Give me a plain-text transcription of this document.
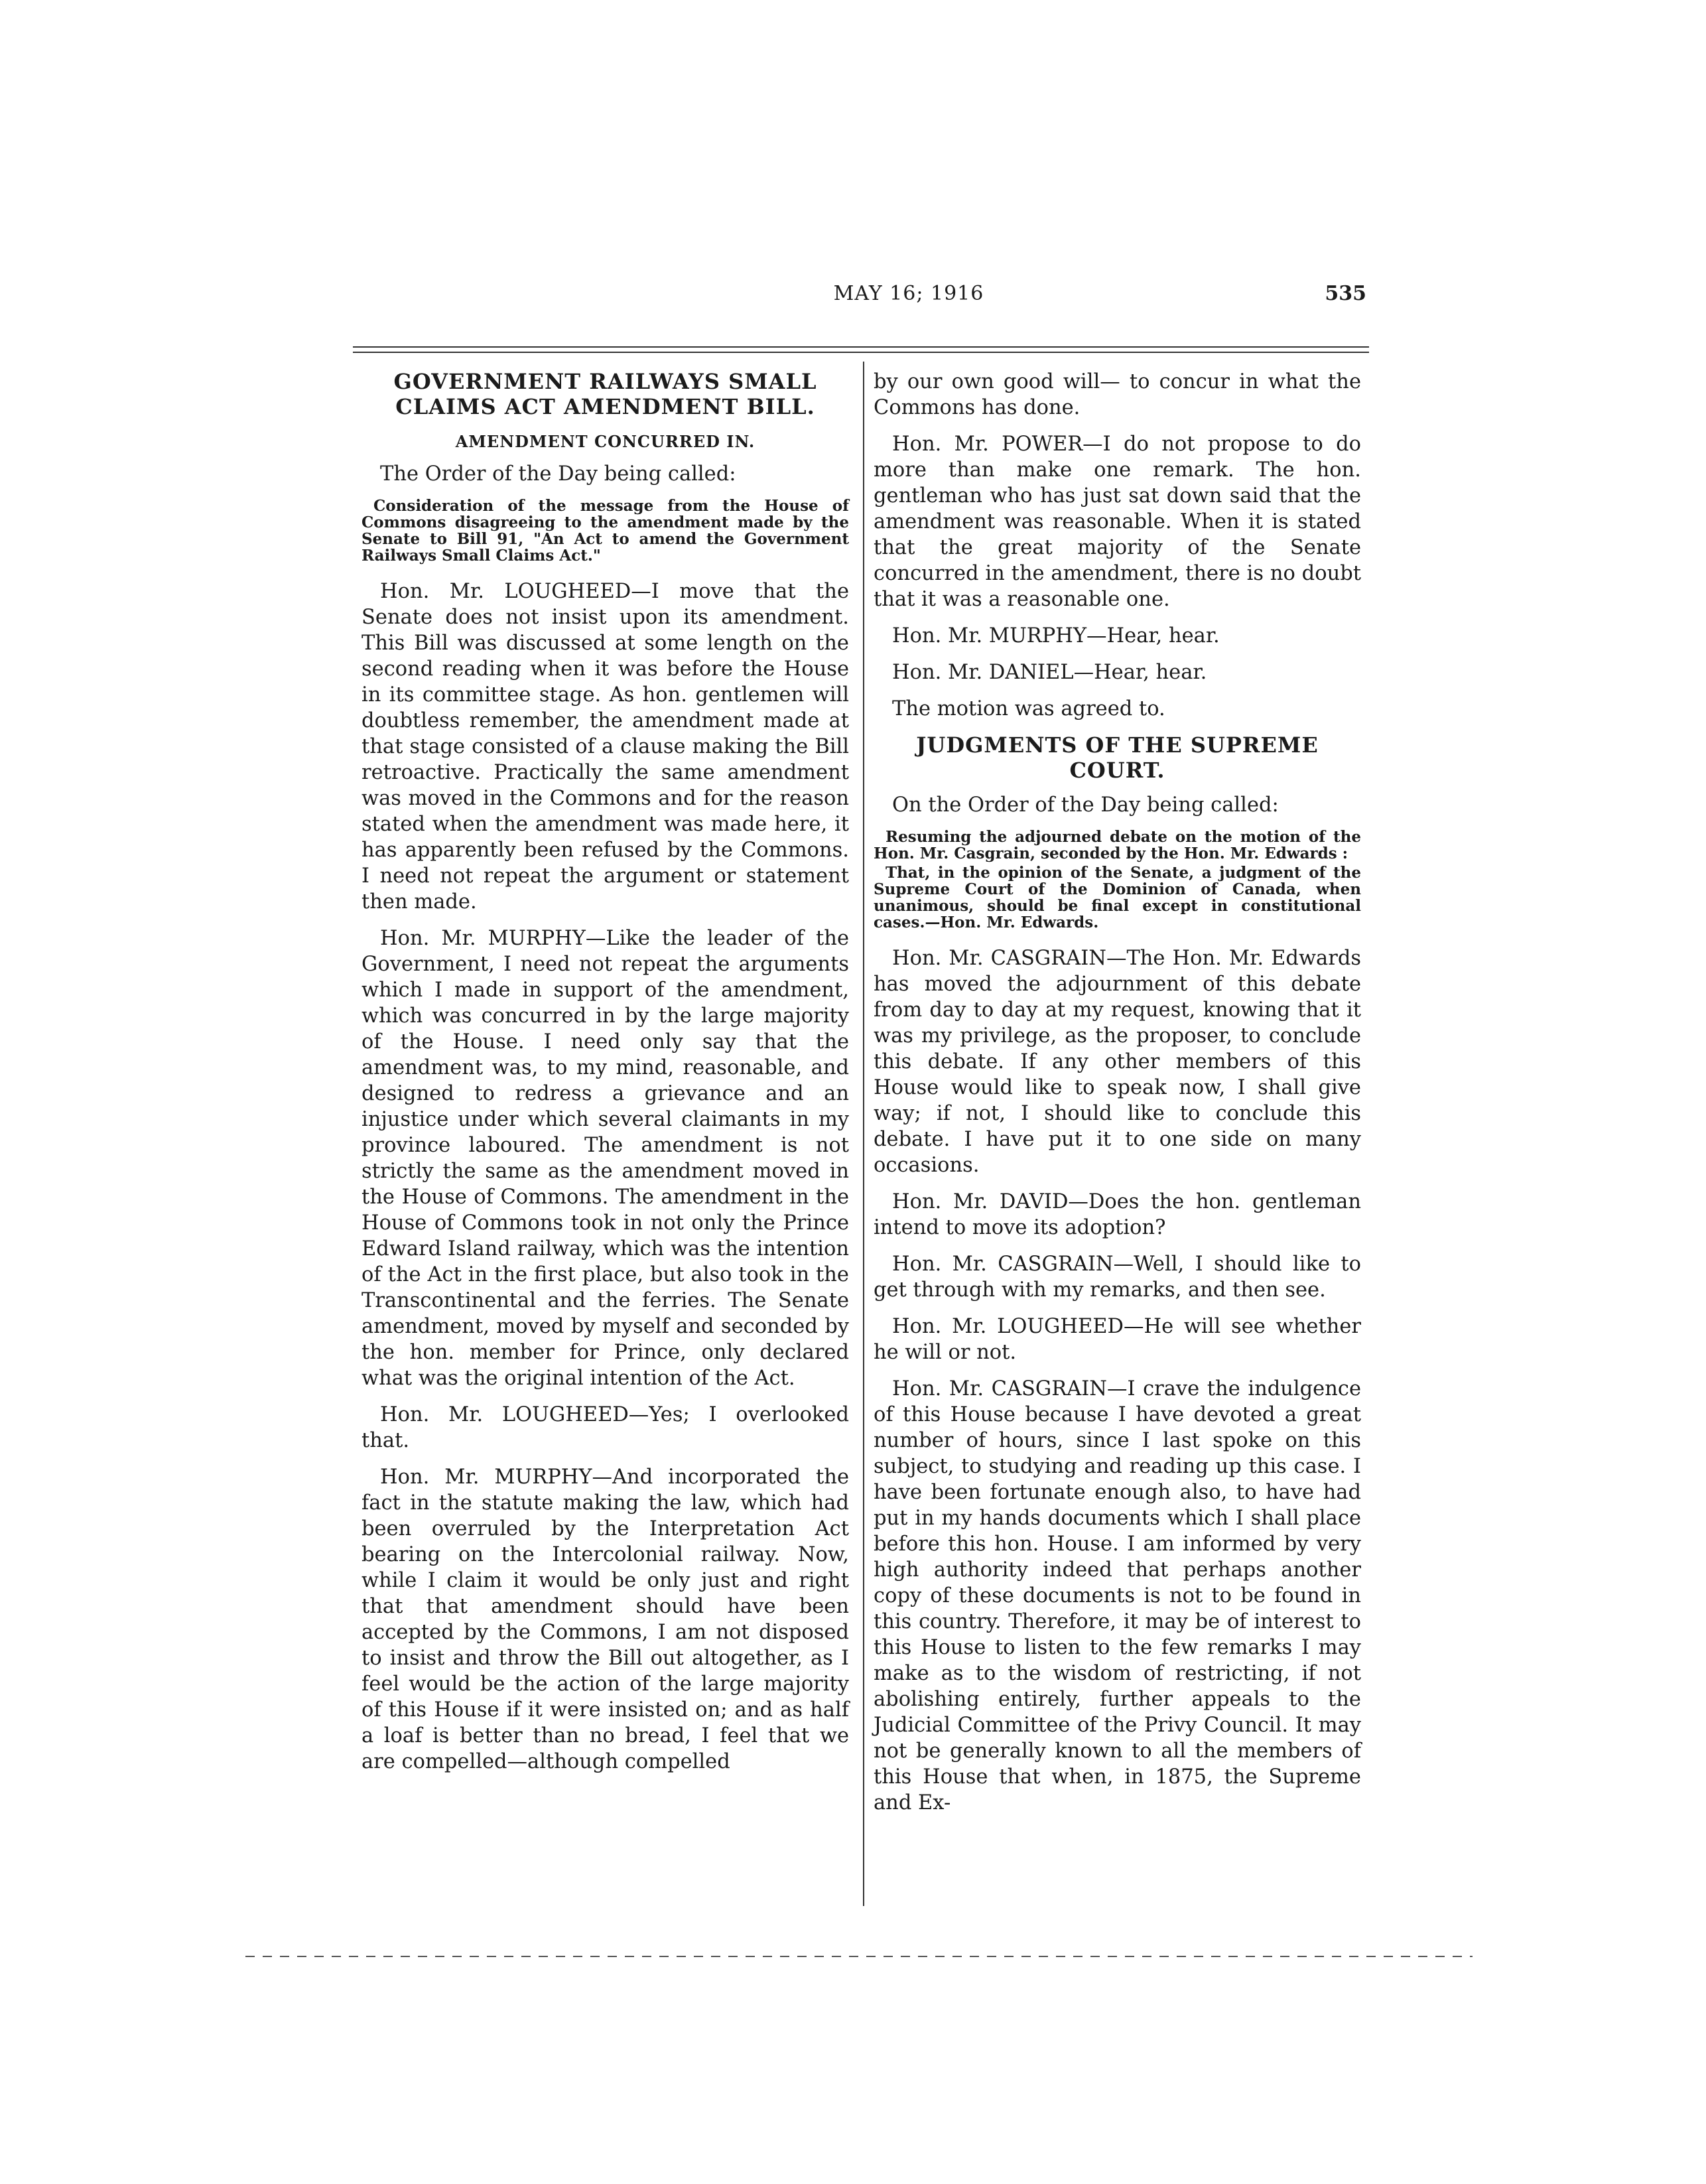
MAY 16; 1916	535
GOVERNMENT RAILWAYS SMALL CLAIMS ACT AMENDMENT BILL.
AMENDMENT CONCURRED IN.

The Order of the Day being called:

Consideration of the message from the House of Commons disagreeing to the amendment made by the Senate to Bill 91, "An Act to amend the Government Railways Small Claims Act."

Hon. Mr. LOUGHEED—I move that the Senate does not insist upon its amendment. This Bill was discussed at some length on the second reading when it was before the House in its committee stage. As hon. gentlemen will doubtless remember, the amendment made at that stage consisted of a clause making the Bill retroactive. Practically the same amendment was moved in the Commons and for the reason stated when the amendment was made here, it has apparently been refused by the Commons. I need not repeat the argument or statement then made.

Hon. Mr. MURPHY—Like the leader of the Government, I need not repeat the arguments which I made in support of the amendment, which was concurred in by the large majority of the House. I need only say that the amendment was, to my mind, reasonable, and designed to redress a grievance and an injustice under which several claimants in my province laboured. The amendment is not strictly the same as the amendment moved in the House of Commons. The amendment in the House of Commons took in not only the Prince Edward Island railway, which was the intention of the Act in the first place, but also took in the Transcontinental and the ferries. The Senate amendment, moved by myself and seconded by the hon. member for Prince, only declared what was the original intention of the Act.

Hon. Mr. LOUGHEED—Yes; I overlooked that.

Hon. Mr. MURPHY—And incorporated the fact in the statute making the law, which had been overruled by the Interpretation Act bearing on the Intercolonial railway. Now, while I claim it would be only just and right that that amendment should have been accepted by the Commons, I am not disposed to insist and throw the Bill out altogether, as I feel would be the action of the large majority of this House if it were insisted on; and as half a loaf is better than no bread, I feel that we are compelled—although compelled

by our own good will— to concur in what the Commons has done.

Hon. Mr. POWER—I do not propose to do more than make one remark. The hon. gentleman who has just sat down said that the amendment was reasonable. When it is stated that the great majority of the Senate concurred in the amendment, there is no doubt that it was a reasonable one.

Hon. Mr. MURPHY—Hear, hear.

Hon. Mr. DANIEL—Hear, hear.

The motion was agreed to.

JUDGMENTS OF THE SUPREME COURT.

On the Order of the Day being called:

Resuming the adjourned debate on the motion of the Hon. Mr. Casgrain, seconded by the Hon. Mr. Edwards :

That, in the opinion of the Senate, a judgment of the Supreme Court of the Dominion of Canada, when unanimous, should be final except in constitutional cases.—Hon. Mr. Edwards.

Hon. Mr. CASGRAIN—The Hon. Mr. Edwards has moved the adjournment of this debate from day to day at my request, knowing that it was my privilege, as the proposer, to conclude this debate. If any other members of this House would like to speak now, I shall give way; if not, I should like to conclude this debate. I have put it to one side on many occasions.

Hon. Mr. DAVID—Does the hon. gentleman intend to move its adoption?

Hon. Mr. CASGRAIN—Well, I should like to get through with my remarks, and then see.

Hon. Mr. LOUGHEED—He will see whether he will or not.

Hon. Mr. CASGRAIN—I crave the indulgence of this House because I have devoted a great number of hours, since I last spoke on this subject, to studying and reading up this case. I have been fortunate enough also, to have had put in my hands documents which I shall place before this hon. House. I am informed by very high authority indeed that perhaps another copy of these documents is not to be found in this country. Therefore, it may be of interest to this House to listen to the few remarks I may make as to the wisdom of restricting, if not abolishing entirely, further appeals to the Judicial Committee of the Privy Council. It may not be generally known to all the members of this House that when, in 1875, the Supreme and Ex-
